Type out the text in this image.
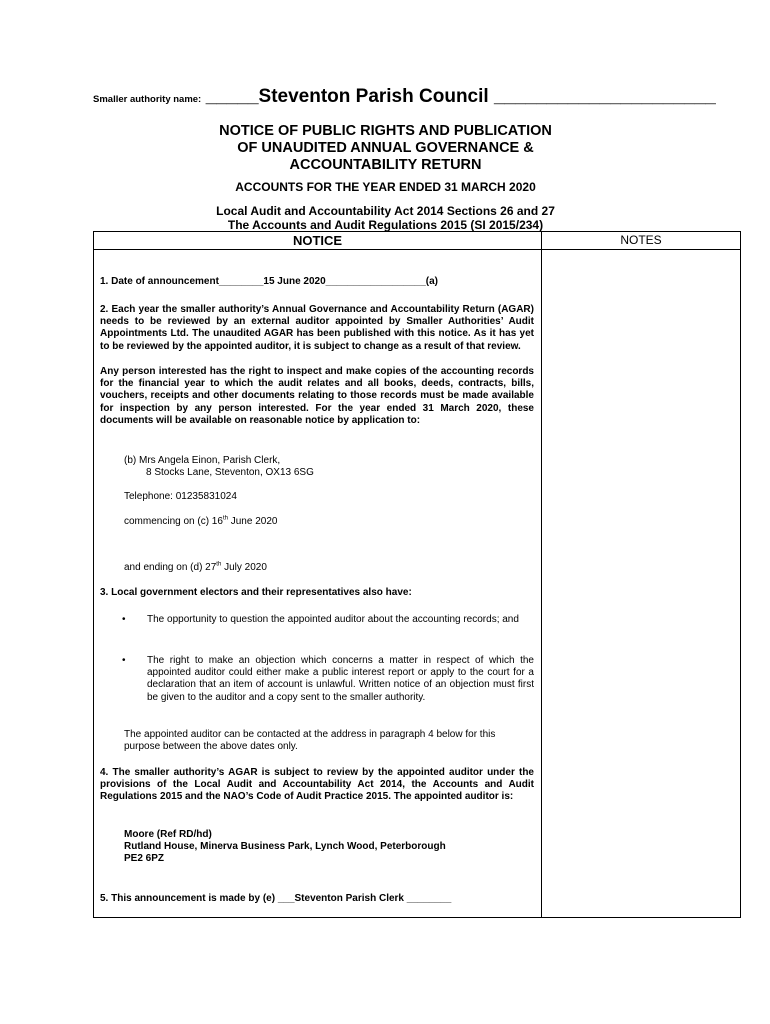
Smaller authority name: _____Steventon Parish Council _____________________
NOTICE OF PUBLIC RIGHTS AND PUBLICATION
OF UNAUDITED ANNUAL GOVERNANCE &
ACCOUNTABILITY RETURN
ACCOUNTS FOR THE YEAR ENDED 31 MARCH 2020
Local Audit and Accountability Act 2014 Sections 26 and 27
The Accounts and Audit Regulations 2015 (SI 2015/234)
NOTICE	NOTES
1. Date of announcement________15 June 2020__________________(a)
2. Each year the smaller authority’s Annual Governance and Accountability Return (AGAR) needs to be reviewed by an external auditor appointed by Smaller Authorities’ Audit Appointments Ltd. The unaudited AGAR has been published with this notice. As it has yet to be reviewed by the appointed auditor, it is subject to change as a result of that review.
Any person interested has the right to inspect and make copies of the accounting records for the financial year to which the audit relates and all books, deeds, contracts, bills, vouchers, receipts and other documents relating to those records must be made available for inspection by any person interested. For the year ended 31 March 2020, these documents will be available on reasonable notice by application to:
(b) Mrs Angela Einon, Parish Clerk,
8 Stocks Lane, Steventon, OX13 6SG
Telephone: 01235831024
commencing on (c) 16th June 2020
and ending on (d) 27th July 2020
3. Local government electors and their representatives also have:
• The opportunity to question the appointed auditor about the accounting records; and
• The right to make an objection which concerns a matter in respect of which the appointed auditor could either make a public interest report or apply to the court for a declaration that an item of account is unlawful. Written notice of an objection must first be given to the auditor and a copy sent to the smaller authority.
The appointed auditor can be contacted at the address in paragraph 4 below for this purpose between the above dates only.
4. The smaller authority’s AGAR is subject to review by the appointed auditor under the provisions of the Local Audit and Accountability Act 2014, the Accounts and Audit Regulations 2015 and the NAO’s Code of Audit Practice 2015. The appointed auditor is:
Moore (Ref RD/hd)
Rutland House, Minerva Business Park, Lynch Wood, Peterborough
PE2 6PZ
5. This announcement is made by (e) ___Steventon Parish Clerk ________
